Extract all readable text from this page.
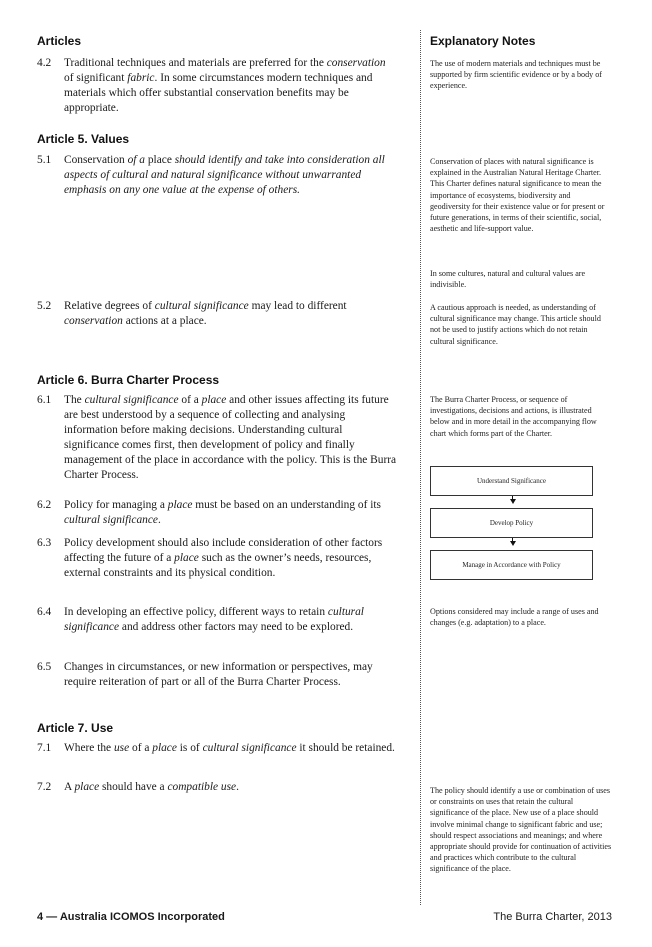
Articles
4.2 Traditional techniques and materials are preferred for the conservation of significant fabric. In some circumstances modern techniques and materials which offer substantial conservation benefits may be appropriate.
Article 5. Values
5.1 Conservation of a place should identify and take into consideration all aspects of cultural and natural significance without unwarranted emphasis on any one value at the expense of others.
5.2 Relative degrees of cultural significance may lead to different conservation actions at a place.
Article 6. Burra Charter Process
6.1 The cultural significance of a place and other issues affecting its future are best understood by a sequence of collecting and analysing information before making decisions. Understanding cultural significance comes first, then development of policy and finally management of the place in accordance with the policy. This is the Burra Charter Process.
6.2 Policy for managing a place must be based on an understanding of its cultural significance.
6.3 Policy development should also include consideration of other factors affecting the future of a place such as the owner’s needs, resources, external constraints and its physical condition.
6.4 In developing an effective policy, different ways to retain cultural significance and address other factors may need to be explored.
6.5 Changes in circumstances, or new information or perspectives, may require reiteration of part or all of the Burra Charter Process.
Article 7. Use
7.1 Where the use of a place is of cultural significance it should be retained.
7.2 A place should have a compatible use.
Explanatory Notes

The use of modern materials and techniques must be supported by firm scientific evidence or by a body of experience.

Conservation of places with natural significance is explained in the Australian Natural Heritage Charter. This Charter defines natural significance to mean the importance of ecosystems, biodiversity and geodiversity for their existence value or for present or future generations, in terms of their scientific, social, aesthetic and life-support value.

In some cultures, natural and cultural values are indivisible.

A cautious approach is needed, as understanding of cultural significance may change. This article should not be used to justify actions which do not retain cultural significance.

The Burra Charter Process, or sequence of investigations, decisions and actions, is illustrated below and in more detail in the accompanying flow chart which forms part of the Charter.

Options considered may include a range of uses and changes (e.g. adaptation) to a place.

The policy should identify a use or combination of uses or constraints on uses that retain the cultural significance of the place. New use of a place should involve minimal change to significant fabric and use; should respect associations and meanings; and where appropriate should provide for continuation of activities and practices which contribute to the cultural significance of the place.

Understand Significance
Develop Policy
Manage in Accordance with Policy
4 — Australia ICOMOS Incorporated	The Burra Charter, 2013
